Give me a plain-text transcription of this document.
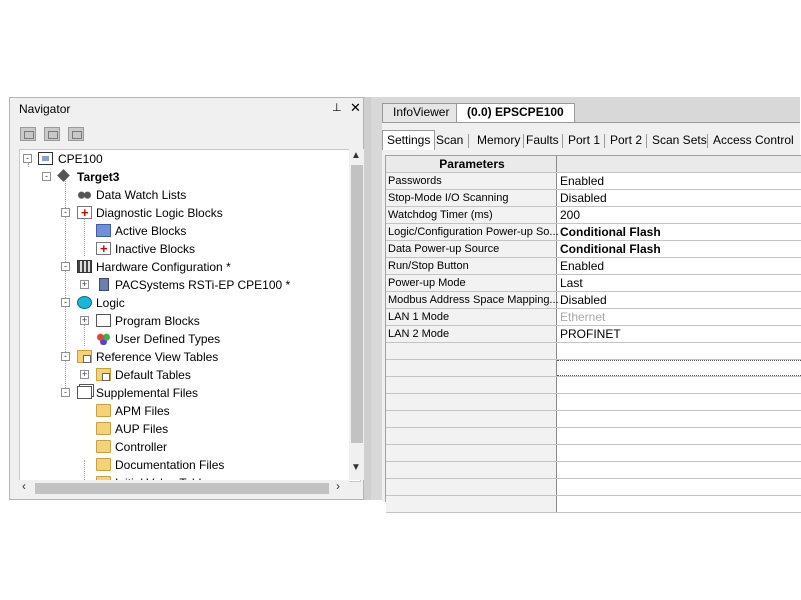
Navigator	⊥ ✕
- CPE100
- Target3
Data Watch Lists
-
+ Diagnostic Logic Blocks
Active Blocks
+
Inactive Blocks
- Hardware Configuration *
+ PACSystems RSTi-EP CPE100 *
- Logic
+ Program Blocks
User Defined Types
- Reference View Tables
+ Default Tables
- Supplemental Files
APM Files
AUP Files
Controller
Documentation Files
▲
▼
‹	›
InfoViewer	(0.0) EPSCPE100
Settings Scan	Memory Faults Port 1 Port 2 Scan Sets Access Control
Parameters
Passwords	Enabled
Stop-Mode I/O Scanning	Disabled
Watchdog Timer (ms)	200
Logic/Configuration Power-up So... Conditional Flash
Data Power-up Source	Conditional Flash
Run/Stop Button	Enabled
Power-up Mode	Last
Modbus Address Space Mapping... Disabled
LAN 1 Mode	Ethernet
LAN 2 Mode	PROFINET
